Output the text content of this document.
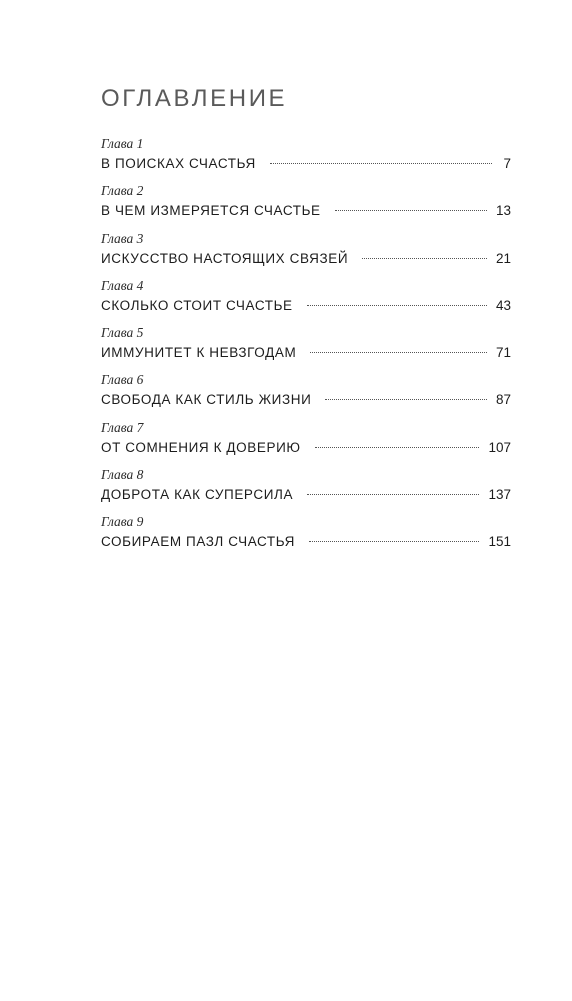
ОГЛАВЛЕНИЕ
Глава 1
В ПОИСКАХ СЧАСТЬЯ	7
Глава 2
В ЧЕМ ИЗМЕРЯЕТСЯ СЧАСТЬЕ	13
Глава 3
ИСКУССТВО НАСТОЯЩИХ СВЯЗЕЙ	21
Глава 4
СКОЛЬКО СТОИТ СЧАСТЬЕ	43
Глава 5
ИММУНИТЕТ К НЕВЗГОДАМ	71
Глава 6
СВОБОДА КАК СТИЛЬ ЖИЗНИ	87
Глава 7
ОТ СОМНЕНИЯ К ДОВЕРИЮ	107
Глава 8
ДОБРОТА КАК СУПЕРСИЛА	137
Глава 9
СОБИРАЕМ ПАЗЛ СЧАСТЬЯ	151
